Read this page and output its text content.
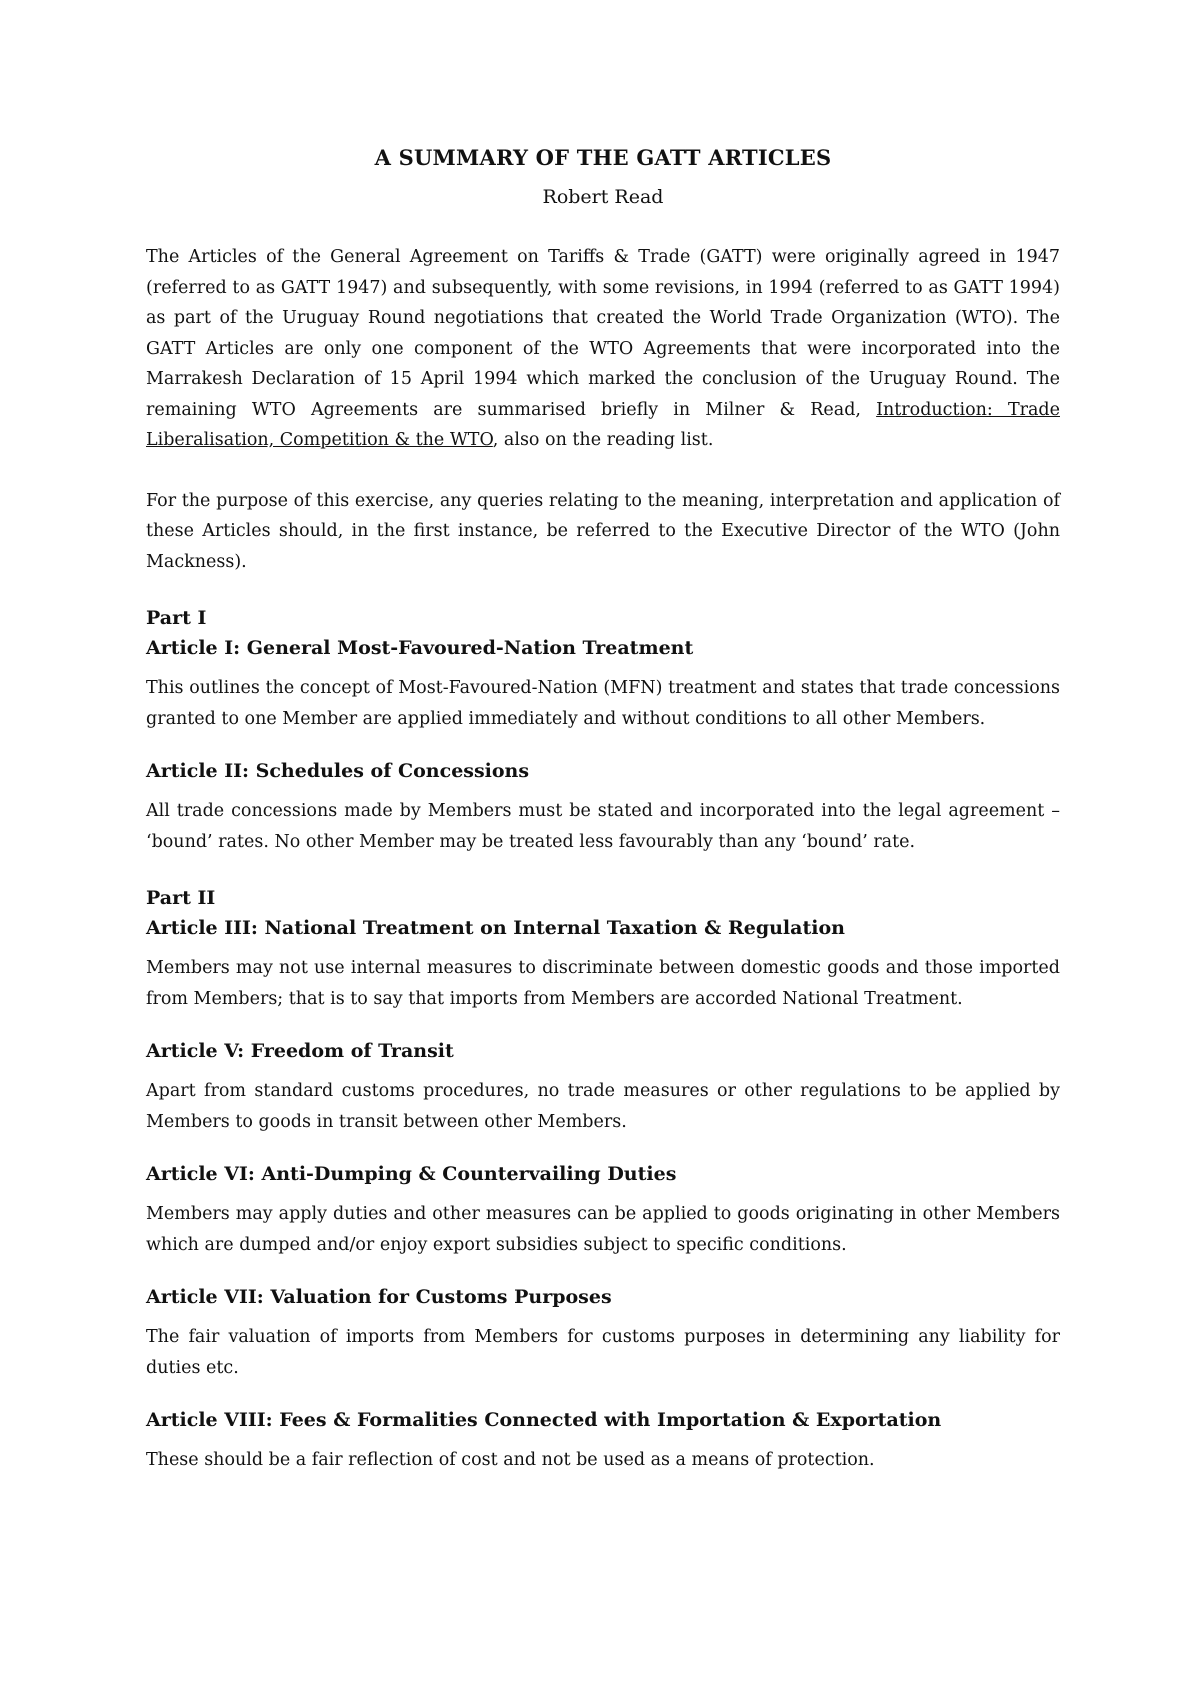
A SUMMARY OF THE GATT ARTICLES

Robert Read

The Articles of the General Agreement on Tariffs & Trade (GATT) were originally agreed in 1947 (referred to as GATT 1947) and subsequently, with some revisions, in 1994 (referred to as GATT 1994) as part of the Uruguay Round negotiations that created the World Trade Organization (WTO). The GATT Articles are only one component of the WTO Agreements that were incorporated into the Marrakesh Declaration of 15 April 1994 which marked the conclusion of the Uruguay Round. The remaining WTO Agreements are summarised briefly in Milner & Read, Introduction: Trade Liberalisation, Competition & the WTO, also on the reading list.

For the purpose of this exercise, any queries relating to the meaning, interpretation and application of these Articles should, in the first instance, be referred to the Executive Director of the WTO (John Mackness).

Part I

Article I: General Most-Favoured-Nation Treatment

This outlines the concept of Most-Favoured-Nation (MFN) treatment and states that trade concessions granted to one Member are applied immediately and without conditions to all other Members.

Article II: Schedules of Concessions

All trade concessions made by Members must be stated and incorporated into the legal agreement – ‘bound’ rates. No other Member may be treated less favourably than any ‘bound’ rate.

Part II

Article III: National Treatment on Internal Taxation & Regulation

Members may not use internal measures to discriminate between domestic goods and those imported from Members; that is to say that imports from Members are accorded National Treatment.

Article V: Freedom of Transit

Apart from standard customs procedures, no trade measures or other regulations to be applied by Members to goods in transit between other Members.

Article VI: Anti-Dumping & Countervailing Duties

Members may apply duties and other measures can be applied to goods originating in other Members which are dumped and/or enjoy export subsidies subject to specific conditions.

Article VII: Valuation for Customs Purposes

The fair valuation of imports from Members for customs purposes in determining any liability for duties etc.

Article VIII: Fees & Formalities Connected with Importation & Exportation

These should be a fair reflection of cost and not be used as a means of protection.
